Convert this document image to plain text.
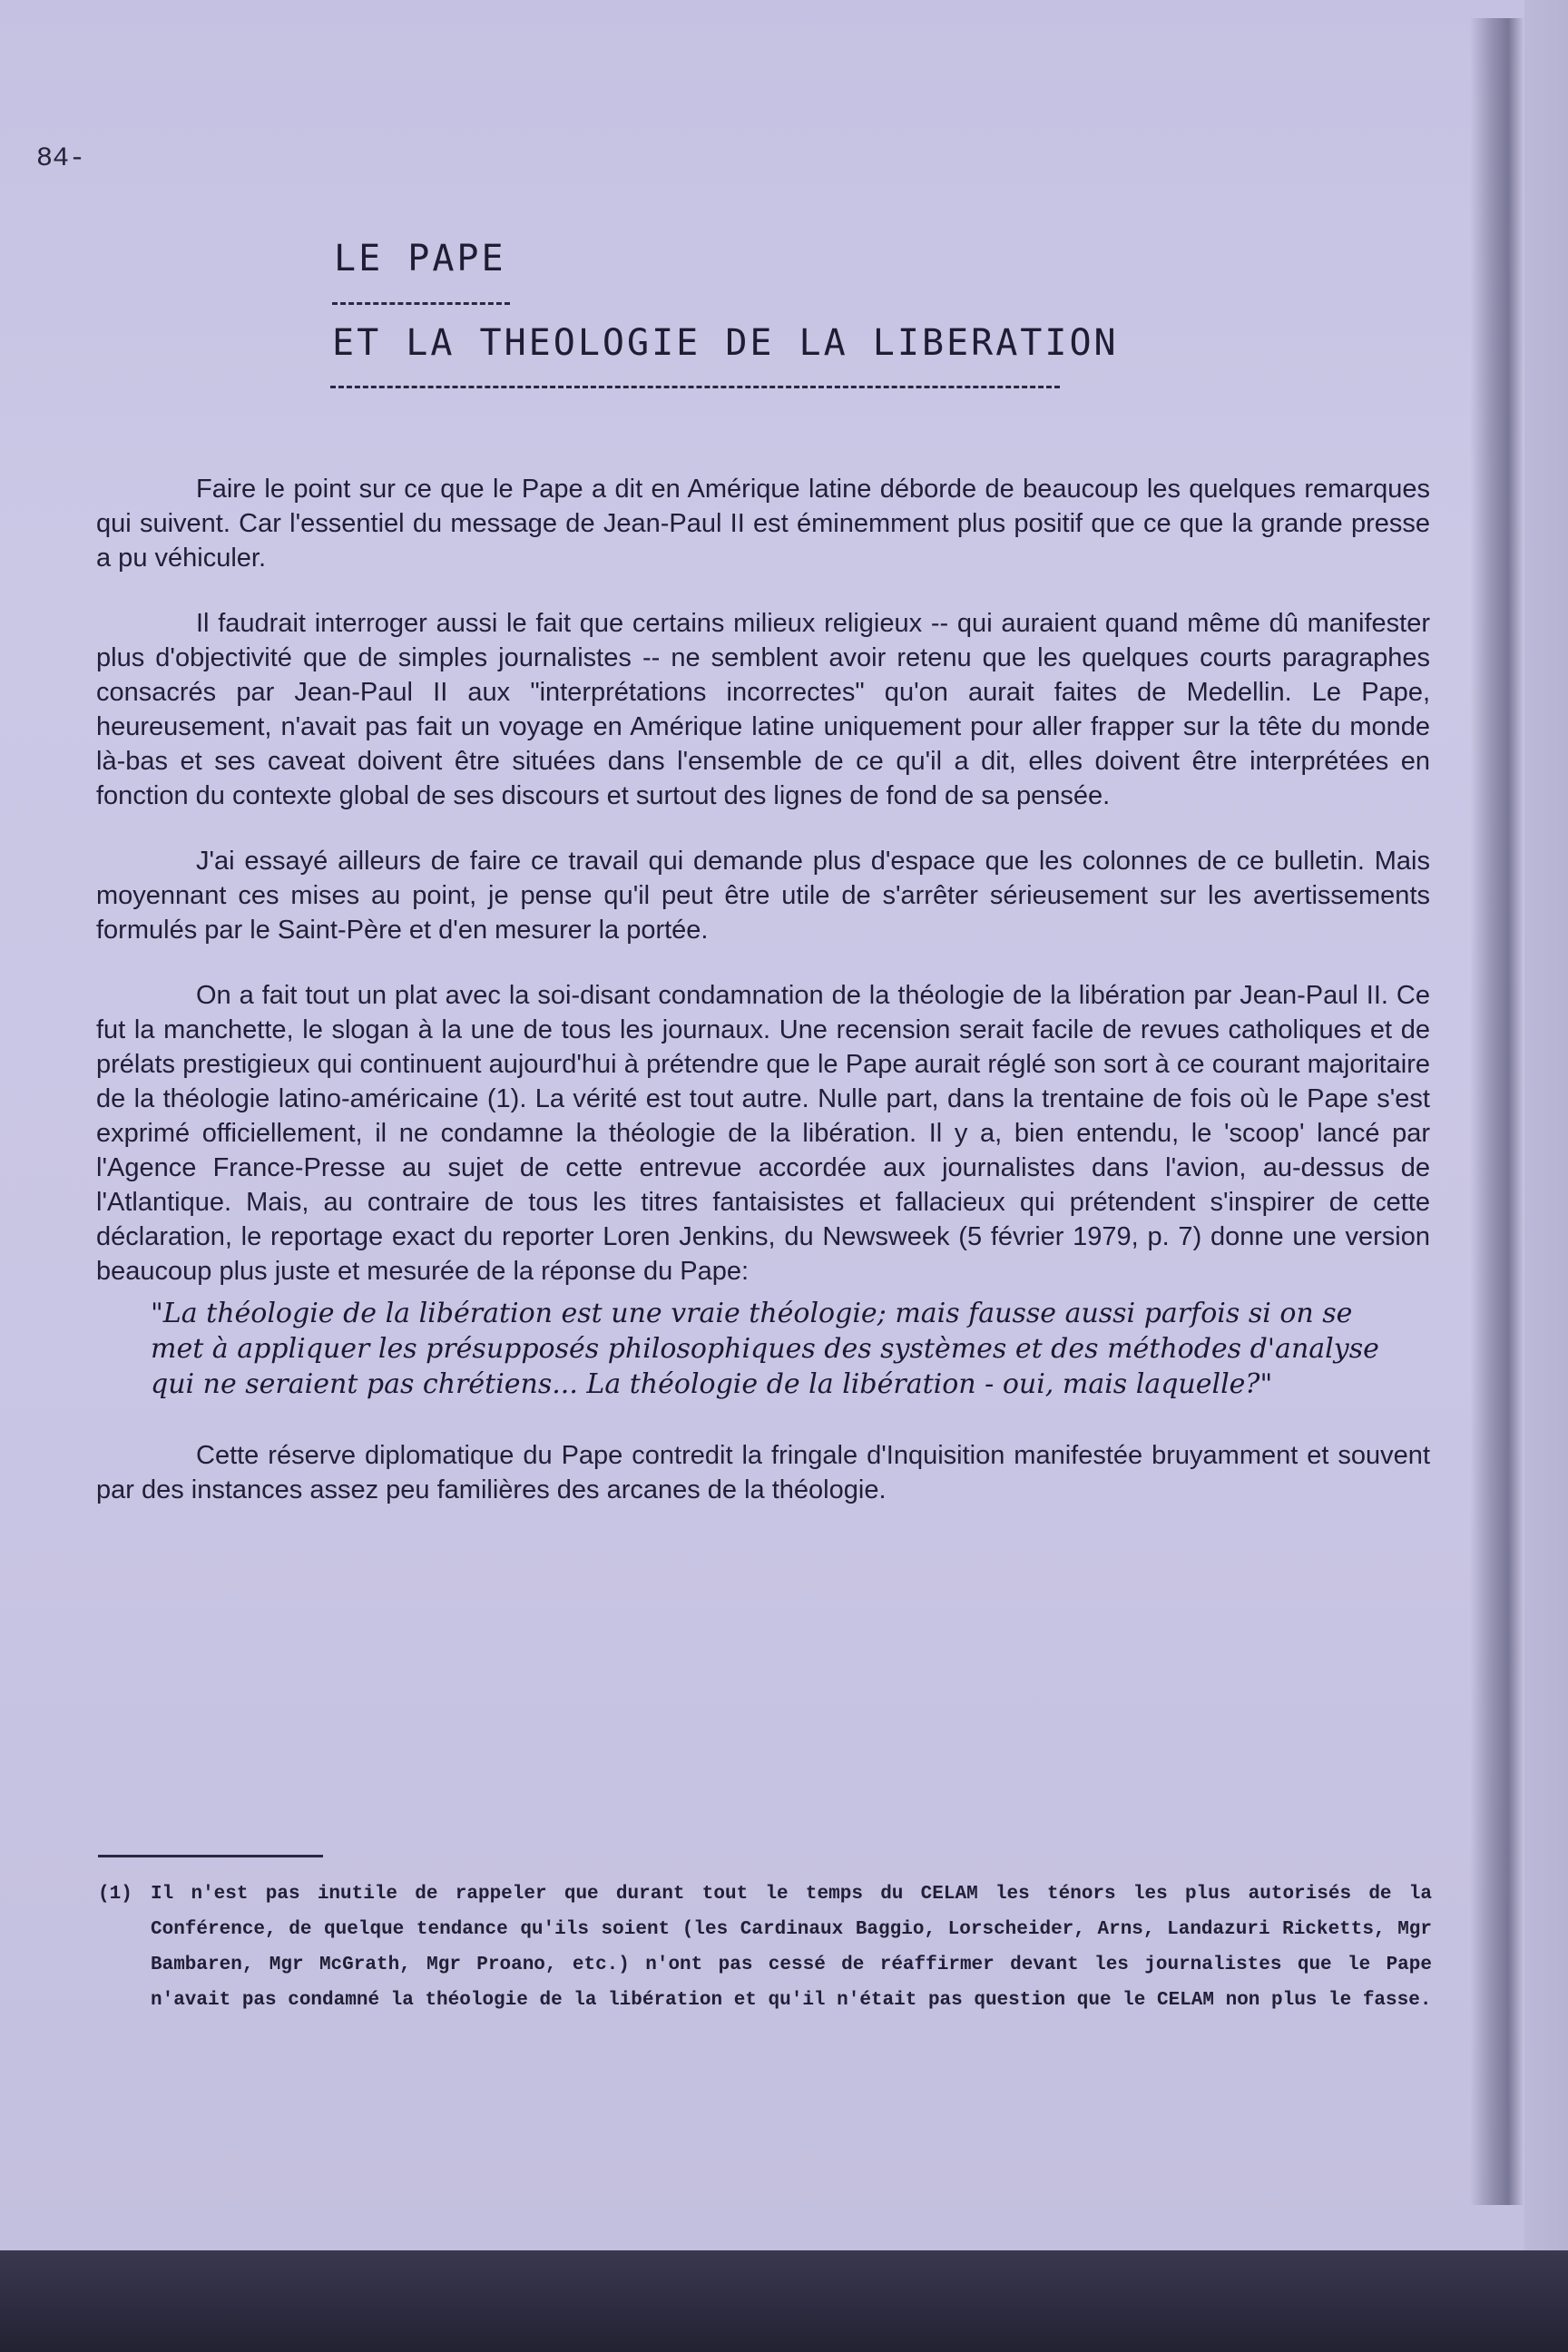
84-
LE PAPE
ET LA THEOLOGIE DE LA LIBERATION

Faire le point sur ce que le Pape a dit en Amérique latine déborde de beaucoup les quelques remarques qui suivent. Car l'essentiel du message de Jean-Paul II est éminemment plus positif que ce que la grande presse a pu véhiculer.

Il faudrait interroger aussi le fait que certains milieux religieux -- qui auraient quand même dû manifester plus d'objectivité que de simples journalistes -- ne semblent avoir retenu que les quelques courts paragraphes consacrés par Jean-Paul II aux "interprétations incorrectes" qu'on aurait faites de Medellin. Le Pape, heureusement, n'avait pas fait un voyage en Amérique latine uniquement pour aller frapper sur la tête du monde là-bas et ses caveat doivent être situées dans l'ensemble de ce qu'il a dit, elles doivent être interprétées en fonction du contexte global de ses discours et surtout des lignes de fond de sa pensée.

J'ai essayé ailleurs de faire ce travail qui demande plus d'espace que les colonnes de ce bulletin. Mais moyennant ces mises au point, je pense qu'il peut être utile de s'arrêter sérieusement sur les avertissements formulés par le Saint-Père et d'en mesurer la portée.

On a fait tout un plat avec la soi-disant condamnation de la théologie de la libération par Jean-Paul II. Ce fut la manchette, le slogan à la une de tous les journaux. Une recension serait facile de revues catholiques et de prélats prestigieux qui continuent aujourd'hui à prétendre que le Pape aurait réglé son sort à ce courant majoritaire de la théologie latino-américaine (1). La vérité est tout autre. Nulle part, dans la trentaine de fois où le Pape s'est exprimé officiellement, il ne condamne la théologie de la libération. Il y a, bien entendu, le 'scoop' lancé par l'Agence France-Presse au sujet de cette entrevue accordée aux journalistes dans l'avion, au-dessus de l'Atlantique. Mais, au contraire de tous les titres fantaisistes et fallacieux qui prétendent s'inspirer de cette déclaration, le reportage exact du reporter Loren Jenkins, du Newsweek (5 février 1979, p. 7) donne une version beaucoup plus juste et mesurée de la réponse du Pape:

"La théologie de la libération est une vraie théologie; mais fausse aussi parfois si on se met à appliquer les présupposés philosophiques des systèmes et des méthodes d'analyse qui ne seraient pas chrétiens... La théologie de la libération - oui, mais laquelle?"

Cette réserve diplomatique du Pape contredit la fringale d'Inquisition manifestée bruyamment et souvent par des instances assez peu familières des arcanes de la théologie.

(1) Il n'est pas inutile de rappeler que durant tout le temps du CELAM les ténors les plus autorisés de la Conférence, de quelque tendance qu'ils soient (les Cardinaux Baggio, Lorscheider, Arns, Landazuri Ricketts, Mgr Bambaren, Mgr McGrath, Mgr Proano, etc.) n'ont pas cessé de réaffirmer devant les journalistes que le Pape n'avait pas condamné la théologie de la libération et qu'il n'était pas question que le CELAM non plus le fasse.
